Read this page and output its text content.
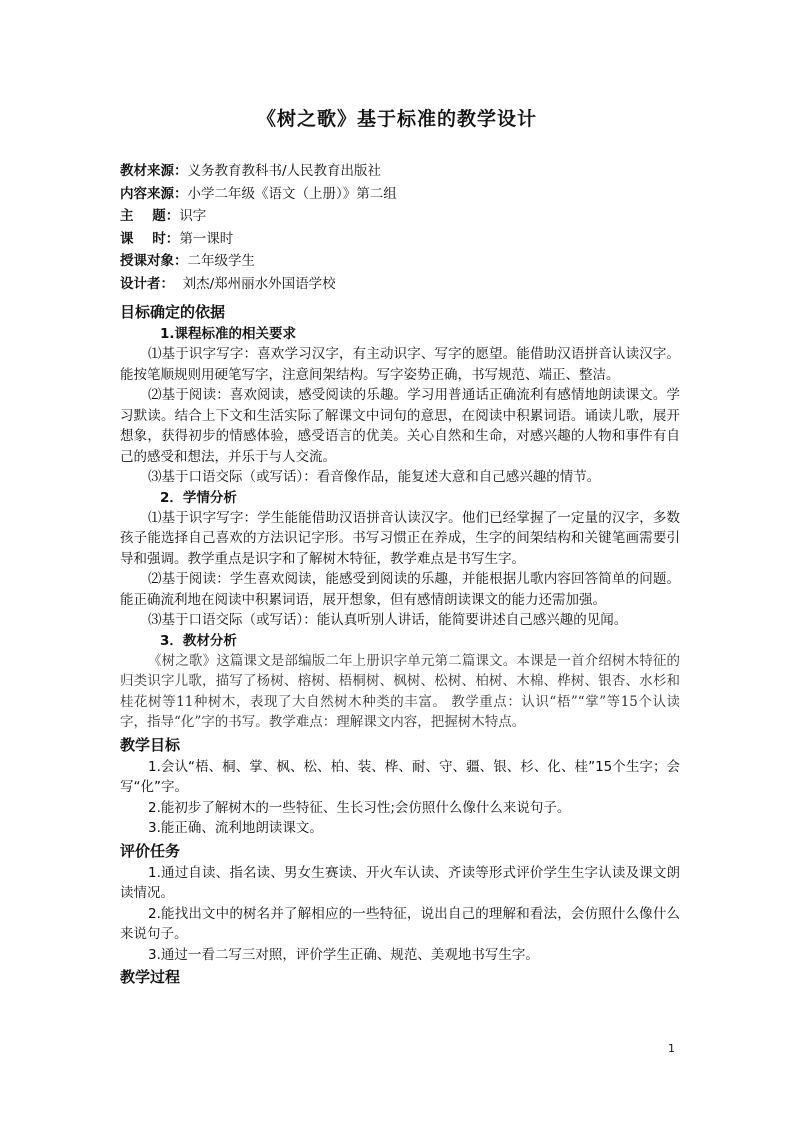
《树之歌》基于标准的教学设计
教材来源：义务教育教科书/人民教育出版社
内容来源：小学二年级《语文（上册）》第二组
主    题：识字
课    时：第一课时
授课对象：二年级学生
设计者：  刘杰/郑州丽水外国语学校
目标确定的依据
1.课程标准的相关要求

⑴基于识字写字：喜欢学习汉字，有主动识字、写字的愿望。能借助汉语拼音认读汉字。能按笔顺规则用硬笔写字，注意间架结构。写字姿势正确，书写规范、端正、整洁。

⑵基于阅读：喜欢阅读，感受阅读的乐趣。学习用普通话正确流利有感情地朗读课文。学习默读。结合上下文和生活实际了解课文中词句的意思，在阅读中积累词语。诵读儿歌，展开想象，获得初步的情感体验，感受语言的优美。关心自然和生命，对感兴趣的人物和事件有自己的感受和想法，并乐于与人交流。

⑶基于口语交际（或写话）：看音像作品，能复述大意和自己感兴趣的情节。

2．学情分析

⑴基于识字写字：学生能能借助汉语拼音认读汉字。他们已经掌握了一定量的汉字，多数孩子能选择自己喜欢的方法识记字形。书写习惯正在养成，生字的间架结构和关键笔画需要引导和强调。教学重点是识字和了解树木特征，教学难点是书写生字。

⑵基于阅读：学生喜欢阅读，能感受到阅读的乐趣，并能根据儿歌内容回答简单的问题。能正确流利地在阅读中积累词语，展开想象，但有感情朗读课文的能力还需加强。

⑶基于口语交际（或写话）：能认真听别人讲话，能简要讲述自己感兴趣的见闻。

3．教材分析

《树之歌》这篇课文是部编版二年上册识字单元第二篇课文。本课是一首介绍树木特征的归类识字儿歌，描写了杨树、榕树、梧桐树、枫树、松树、柏树、木棉、桦树、银杏、水杉和桂花树等11种树木，表现了大自然树木种类的丰富。 教学重点：认识“梧”“掌”等15个认读字，指导“化”字的书写。教学难点：理解课文内容，把握树木特点。

教学目标

1.会认“梧、桐、掌、枫、松、柏、装、桦、耐、守、疆、银、杉、化、桂”15个生字；会写“化”字。

2.能初步了解树木的一些特征、生长习性;会仿照什么像什么来说句子。

3.能正确、流利地朗读课文。

评价任务

1.通过自读、指名读、男女生赛读、开火车认读、齐读等形式评价学生生字认读及课文朗读情况。

2.能找出文中的树名并了解相应的一些特征，说出自己的理解和看法，会仿照什么像什么来说句子。

3.通过一看二写三对照，评价学生正确、规范、美观地书写生字。

教学过程
1
